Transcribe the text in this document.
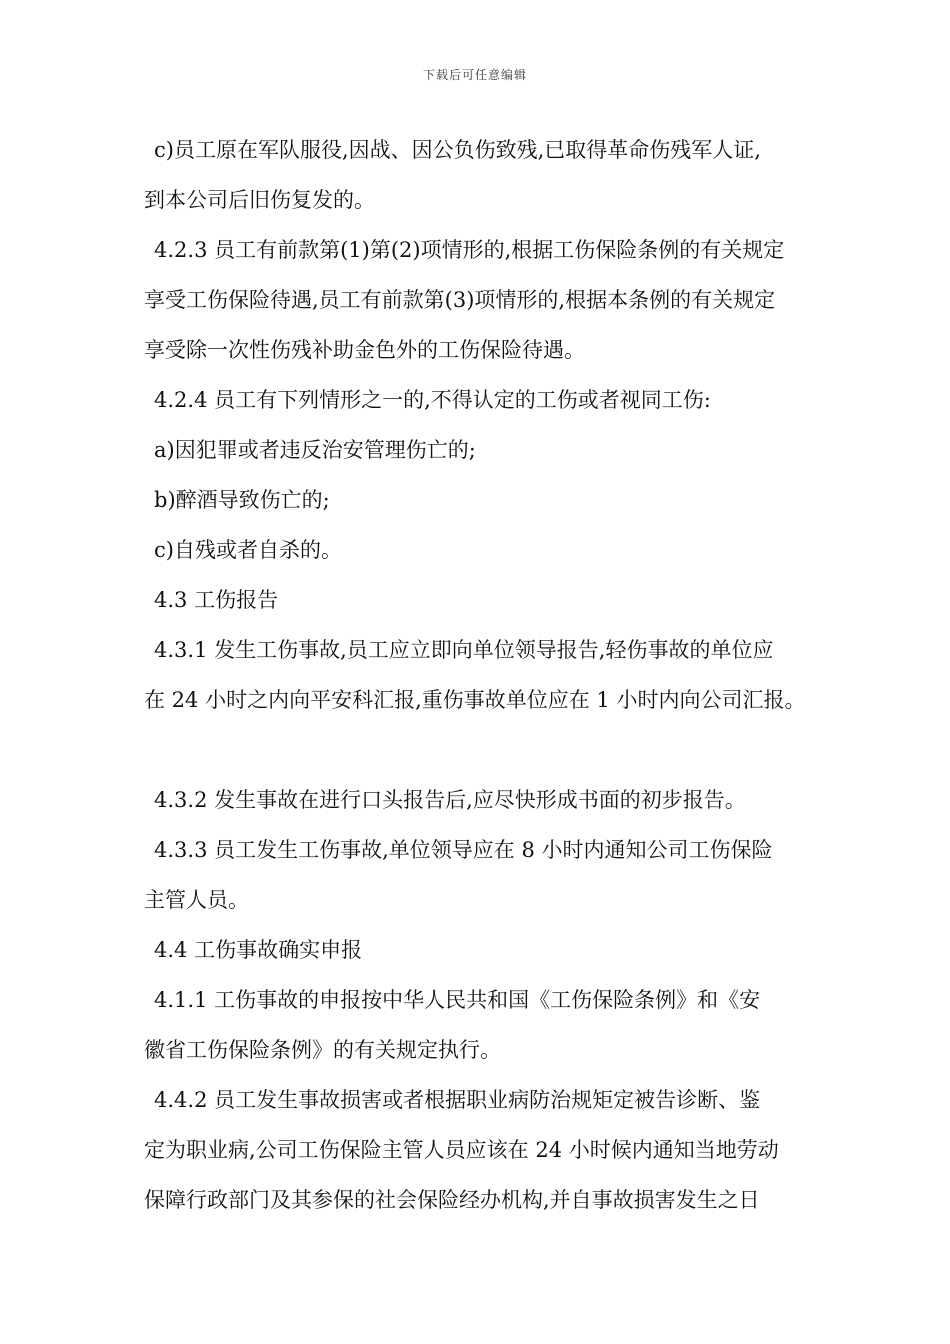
下载后可任意编辑
c)员工原在军队服役,因战、因公负伤致残,已取得革命伤残军人证,
到本公司后旧伤复发的。
4.2.3 员工有前款第(1)第(2)项情形的,根据工伤保险条例的有关规定
享受工伤保险待遇,员工有前款第(3)项情形的,根据本条例的有关规定
享受除一次性伤残补助金色外的工伤保险待遇。
4.2.4 员工有下列情形之一的,不得认定的工伤或者视同工伤:
a)因犯罪或者违反治安管理伤亡的;
b)醉酒导致伤亡的;
c)自残或者自杀的。
4.3 工伤报告
4.3.1 发生工伤事故,员工应立即向单位领导报告,轻伤事故的单位应
在 24 小时之内向平安科汇报,重伤事故单位应在 1 小时内向公司汇报。
4.3.2 发生事故在进行口头报告后,应尽快形成书面的初步报告。
4.3.3 员工发生工伤事故,单位领导应在 8 小时内通知公司工伤保险
主管人员。
4.4 工伤事故确实申报
4.1.1 工伤事故的申报按中华人民共和国《工伤保险条例》和《安
徽省工伤保险条例》的有关规定执行。
4.4.2 员工发生事故损害或者根据职业病防治规矩定被告诊断、鉴
定为职业病,公司工伤保险主管人员应该在 24 小时候内通知当地劳动
保障行政部门及其参保的社会保险经办机构,并自事故损害发生之日
